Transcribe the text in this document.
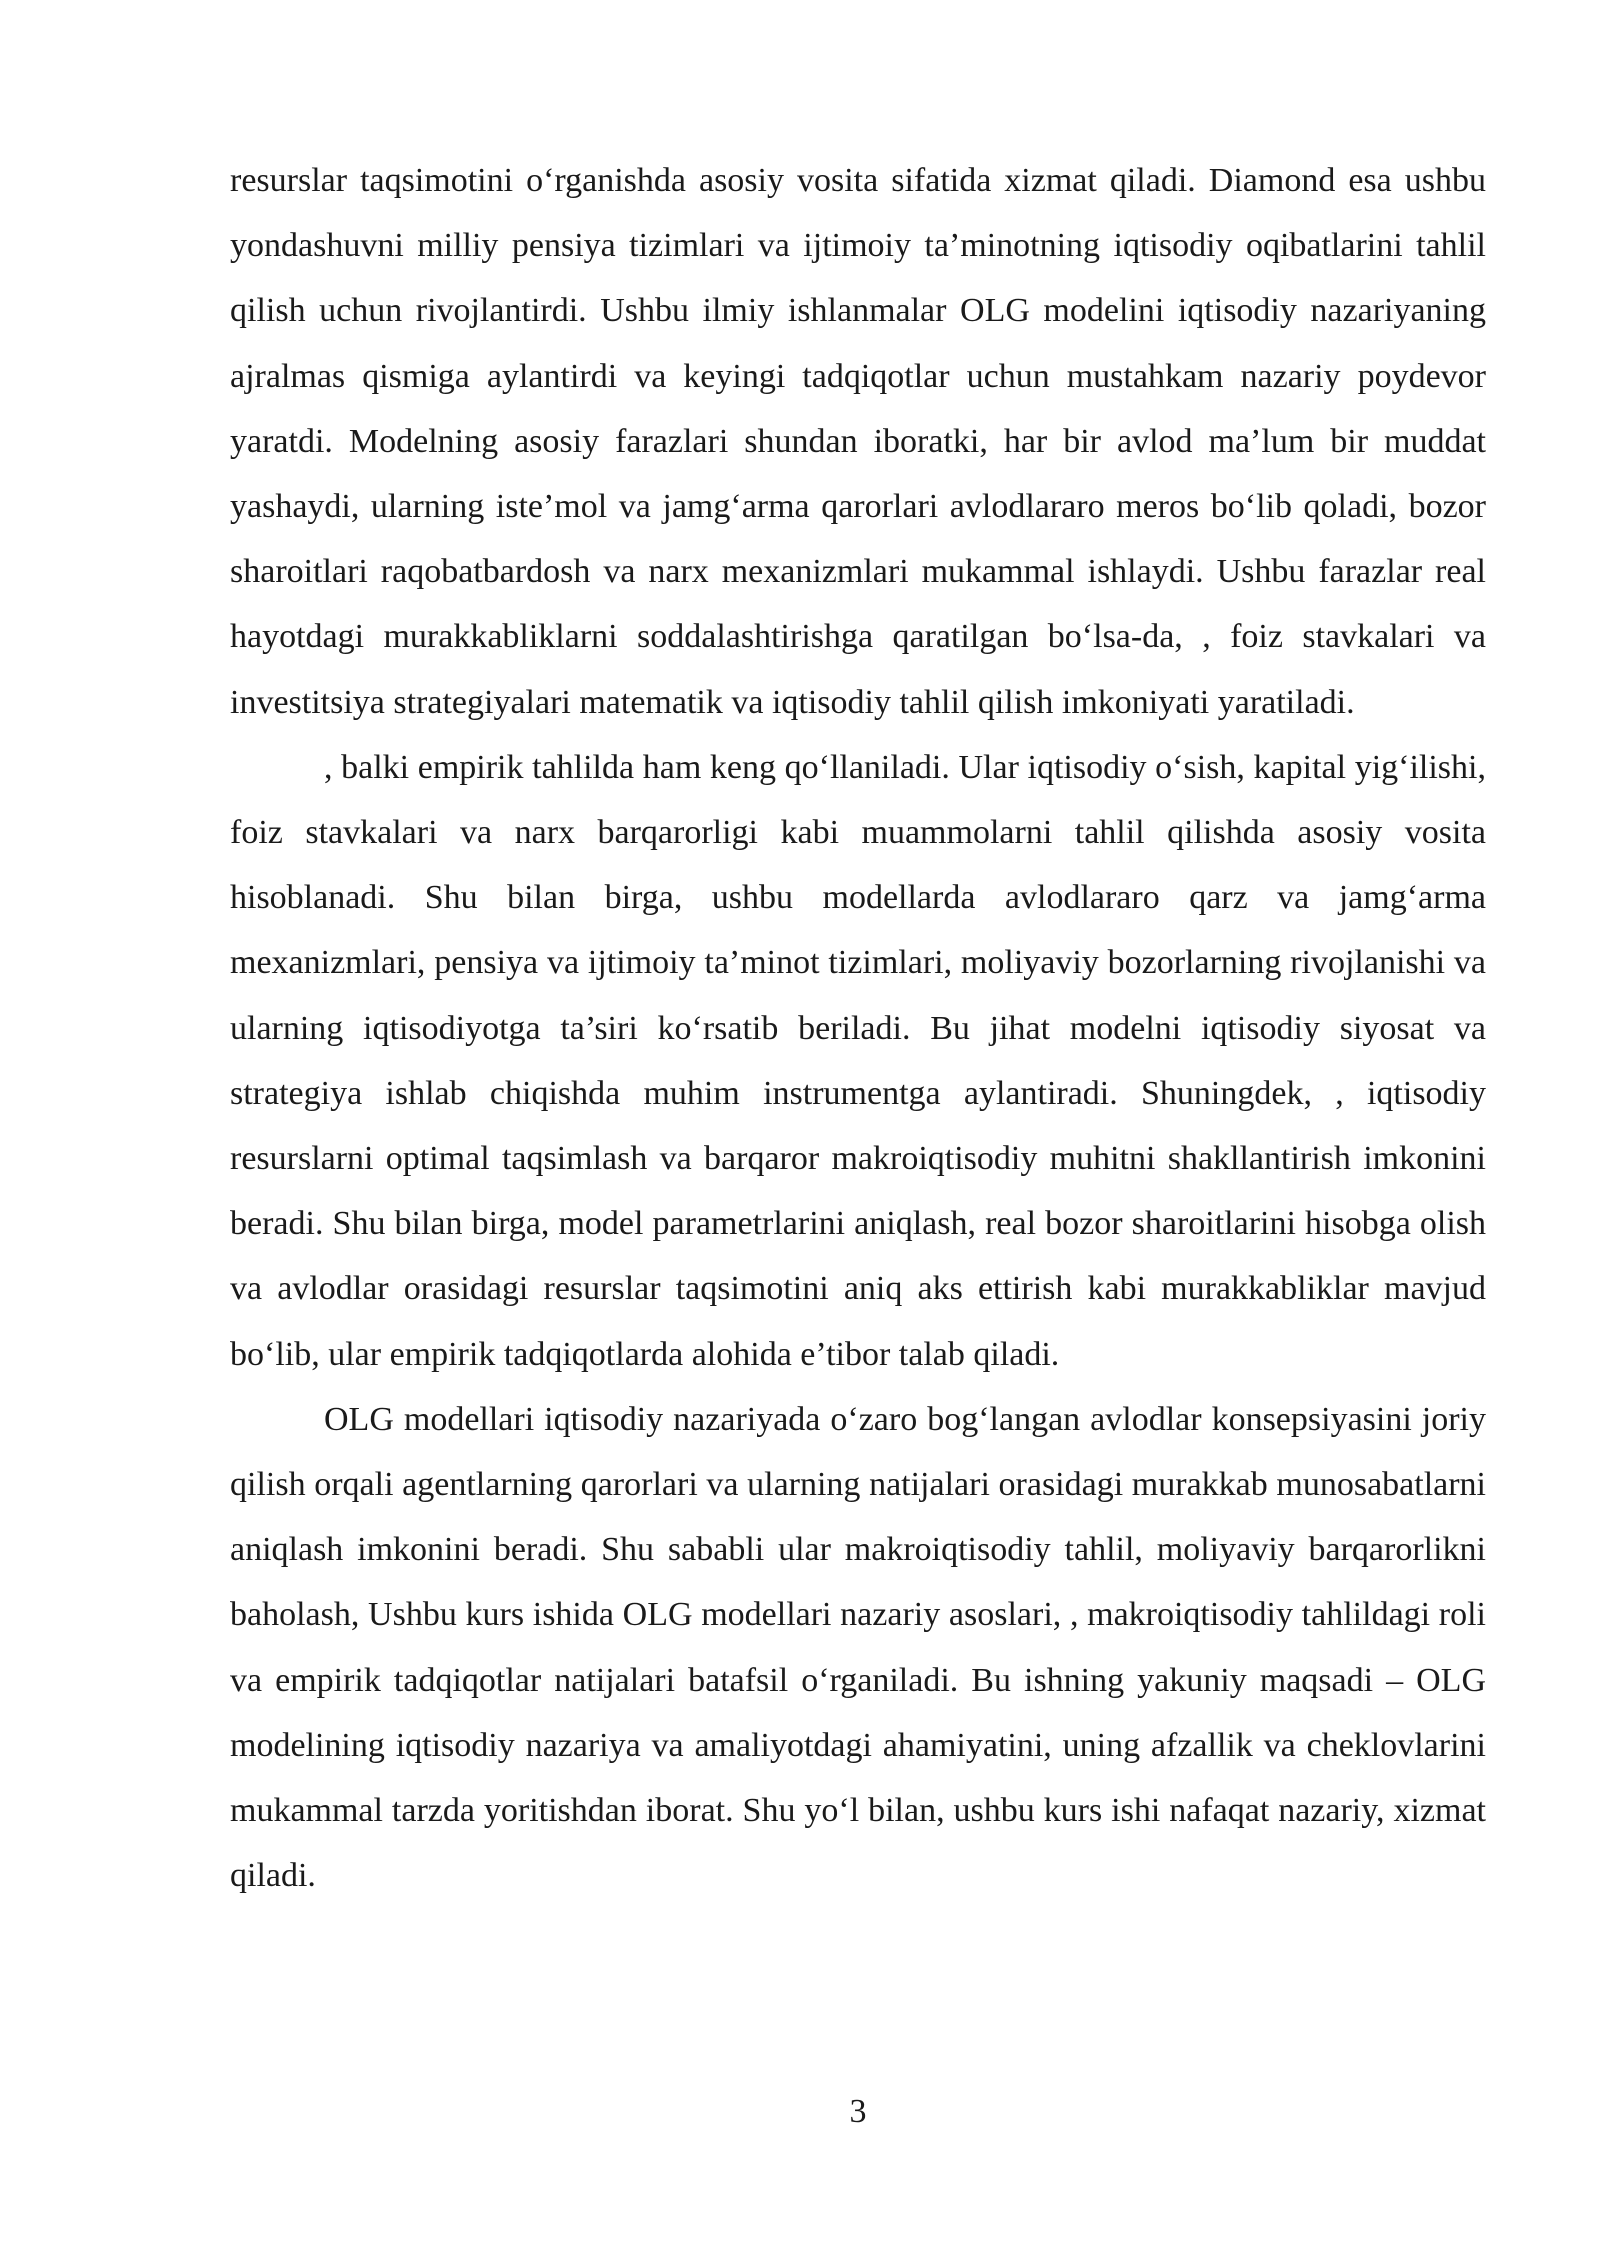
resurslar taqsimotini o‘rganishda asosiy vosita sifatida xizmat qiladi. Diamond esa ushbu yondashuvni milliy pensiya tizimlari va ijtimoiy ta’minotning iqtisodiy oqibatlarini tahlil qilish uchun rivojlantirdi. Ushbu ilmiy ishlanmalar OLG modelini iqtisodiy nazariyaning ajralmas qismiga aylantirdi va keyingi tadqiqotlar uchun mustahkam nazariy poydevor yaratdi. Modelning asosiy farazlari shundan iboratki, har bir avlod ma’lum bir muddat yashaydi, ularning iste’mol va jamg‘arma qarorlari avlodlararo meros bo‘lib qoladi, bozor sharoitlari raqobatbardosh va narx mexanizmlari mukammal ishlaydi. Ushbu farazlar real hayotdagi murakkabliklarni soddalashtirishga qaratilgan bo‘lsa-da, , foiz stavkalari va investitsiya strategiyalari matematik va iqtisodiy tahlil qilish imkoniyati yaratiladi.

, balki empirik tahlilda ham keng qo‘llaniladi. Ular iqtisodiy o‘sish, kapital yig‘ilishi, foiz stavkalari va narx barqarorligi kabi muammolarni tahlil qilishda asosiy vosita hisoblanadi. Shu bilan birga, ushbu modellarda avlodlararo qarz va jamg‘arma mexanizmlari, pensiya va ijtimoiy ta’minot tizimlari, moliyaviy bozorlarning rivojlanishi va ularning iqtisodiyotga ta’siri ko‘rsatib beriladi. Bu jihat modelni iqtisodiy siyosat va strategiya ishlab chiqishda muhim instrumentga aylantiradi. Shuningdek, , iqtisodiy resurslarni optimal taqsimlash va barqaror makroiqtisodiy muhitni shakllantirish imkonini beradi. Shu bilan birga, model parametrlarini aniqlash, real bozor sharoitlarini hisobga olish va avlodlar orasidagi resurslar taqsimotini aniq aks ettirish kabi murakkabliklar mavjud bo‘lib, ular empirik tadqiqotlarda alohida e’tibor talab qiladi.

OLG modellari iqtisodiy nazariyada o‘zaro bog‘langan avlodlar konsepsiyasini joriy qilish orqali agentlarning qarorlari va ularning natijalari orasidagi murakkab munosabatlarni aniqlash imkonini beradi. Shu sababli ular makroiqtisodiy tahlil, moliyaviy barqarorlikni baholash, Ushbu kurs ishida OLG modellari nazariy asoslari, , makroiqtisodiy tahlildagi roli va empirik tadqiqotlar natijalari batafsil o‘rganiladi. Bu ishning yakuniy maqsadi – OLG modelining iqtisodiy nazariya va amaliyotdagi ahamiyatini, uning afzallik va cheklovlarini mukammal tarzda yoritishdan iborat. Shu yo‘l bilan, ushbu kurs ishi nafaqat nazariy, xizmat qiladi.

3
